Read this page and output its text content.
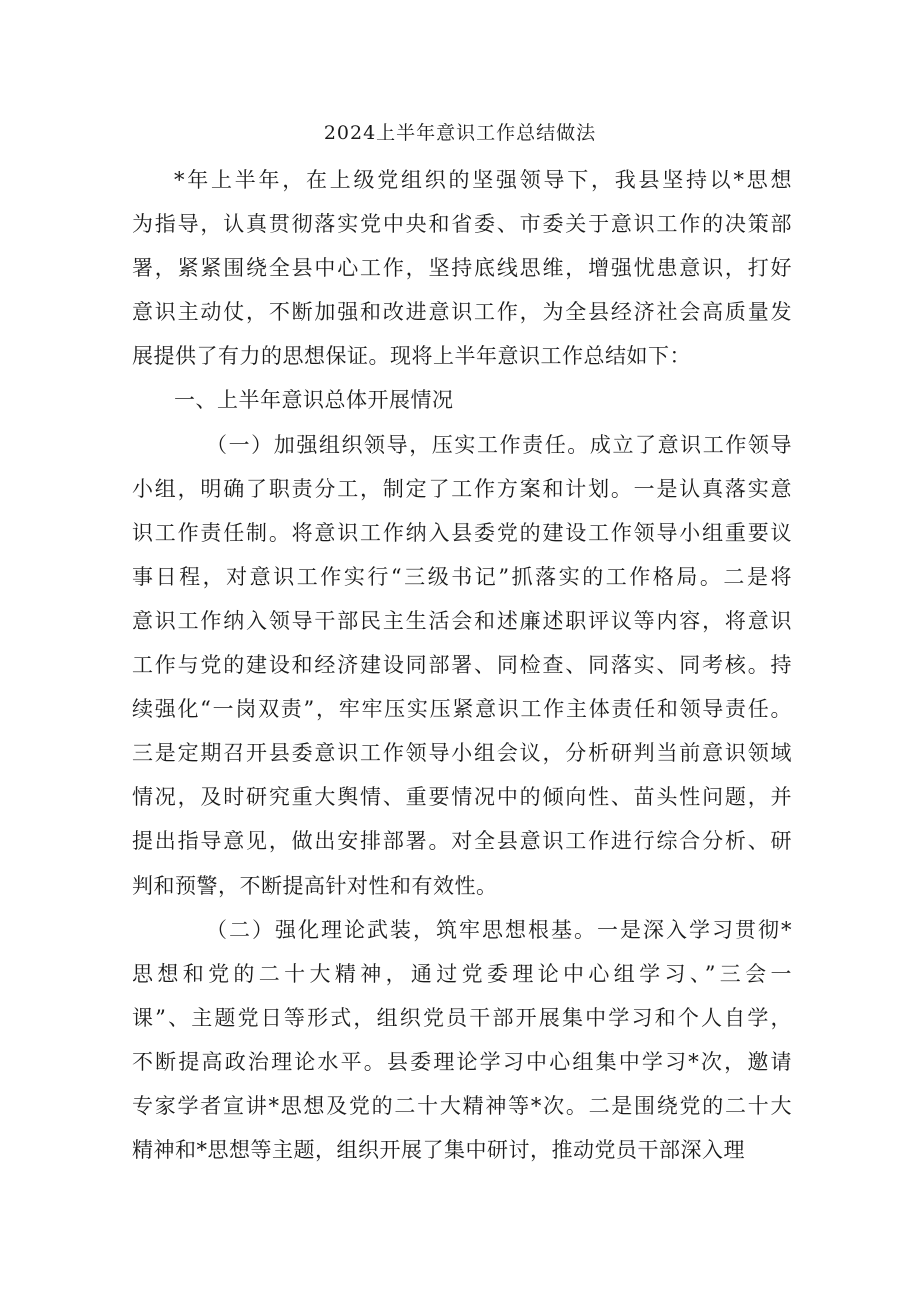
2024上半年意识工作总结做法
*年上半年，在上级党组织的坚强领导下，我县坚持以*思想
为指导，认真贯彻落实党中央和省委、市委关于意识工作的决策部
署，紧紧围绕全县中心工作，坚持底线思维，增强忧患意识，打好
意识主动仗，不断加强和改进意识工作，为全县经济社会高质量发
展提供了有力的思想保证。现将上半年意识工作总结如下：
一、上半年意识总体开展情况
（一）加强组织领导，压实工作责任。成立了意识工作领导
小组，明确了职责分工，制定了工作方案和计划。一是认真落实意
识工作责任制。将意识工作纳入县委党的建设工作领导小组重要议
事日程，对意识工作实行“三级书记”抓落实的工作格局。二是将
意识工作纳入领导干部民主生活会和述廉述职评议等内容，将意识
工作与党的建设和经济建设同部署、同检查、同落实、同考核。持
续强化“一岗双责”，牢牢压实压紧意识工作主体责任和领导责任。
三是定期召开县委意识工作领导小组会议，分析研判当前意识领域
情况，及时研究重大舆情、重要情况中的倾向性、苗头性问题，并
提出指导意见，做出安排部署。对全县意识工作进行综合分析、研
判和预警，不断提高针对性和有效性。
（二）强化理论武装，筑牢思想根基。一是深入学习贯彻*
思想和党的二十大精神，通过党委理论中心组学习、”三会一
课”、主题党日等形式，组织党员干部开展集中学习和个人自学，
不断提高政治理论水平。县委理论学习中心组集中学习*次，邀请
专家学者宣讲*思想及党的二十大精神等*次。二是围绕党的二十大
精神和*思想等主题，组织开展了集中研讨，推动党员干部深入理
